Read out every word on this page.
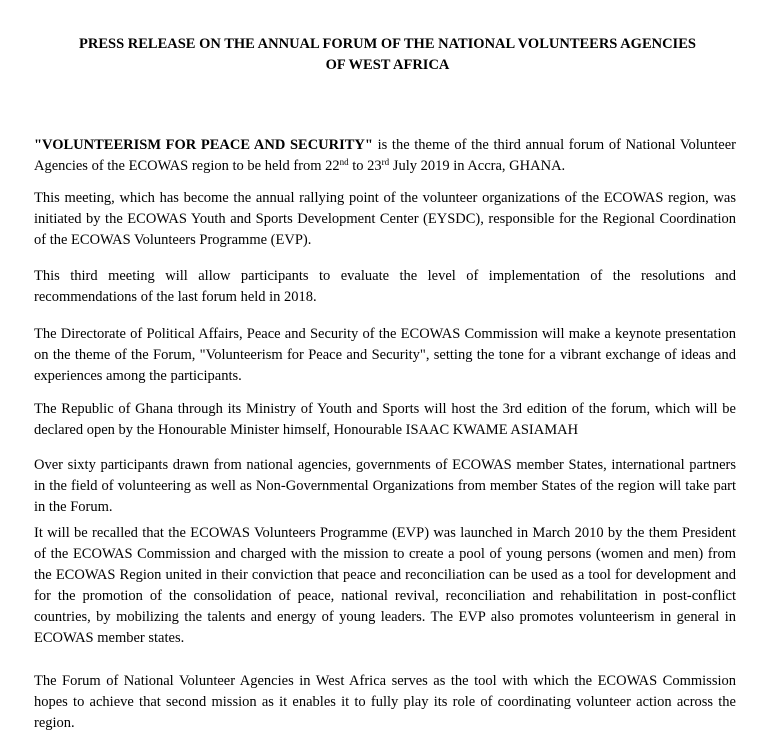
PRESS RELEASE ON THE ANNUAL FORUM OF THE NATIONAL VOLUNTEERS AGENCIES
OF WEST AFRICA

"VOLUNTEERISM FOR PEACE AND SECURITY" is the theme of the third annual forum of National Volunteer Agencies of the ECOWAS region to be held from 22nd to 23rd July 2019 in Accra, GHANA.

This meeting, which has become the annual rallying point of the volunteer organizations of the ECOWAS region, was initiated by the ECOWAS Youth and Sports Development Center (EYSDC), responsible for the Regional Coordination of the ECOWAS Volunteers Programme (EVP).

This third meeting will allow participants to evaluate the level of implementation of the resolutions and recommendations of the last forum held in 2018.

The Directorate of Political Affairs, Peace and Security of the ECOWAS Commission will make a keynote presentation on the theme of the Forum, "Volunteerism for Peace and Security", setting the tone for a vibrant exchange of ideas and experiences among the participants.

The Republic of Ghana through its Ministry of Youth and Sports will host the 3rd edition of the forum, which will be declared open by the Honourable Minister himself, Honourable ISAAC KWAME ASIAMAH

Over sixty participants drawn from national agencies, governments of ECOWAS member States, international partners in the field of volunteering as well as Non-Governmental Organizations from member States of the region will take part in the Forum.

It will be recalled that the ECOWAS Volunteers Programme (EVP) was launched in March 2010 by the them President of the ECOWAS Commission and charged with the mission to create a pool of young persons (women and men) from the ECOWAS Region united in their conviction that peace and reconciliation can be used as a tool for development and for the promotion of the consolidation of peace, national revival, reconciliation and rehabilitation in post-conflict countries, by mobilizing the talents and energy of young leaders. The EVP also promotes volunteerism in general in ECOWAS member states.

The Forum of National Volunteer Agencies in West Africa serves as the tool with which the ECOWAS Commission hopes to achieve that second mission as it enables it to fully play its role of coordinating volunteer action across the region.
